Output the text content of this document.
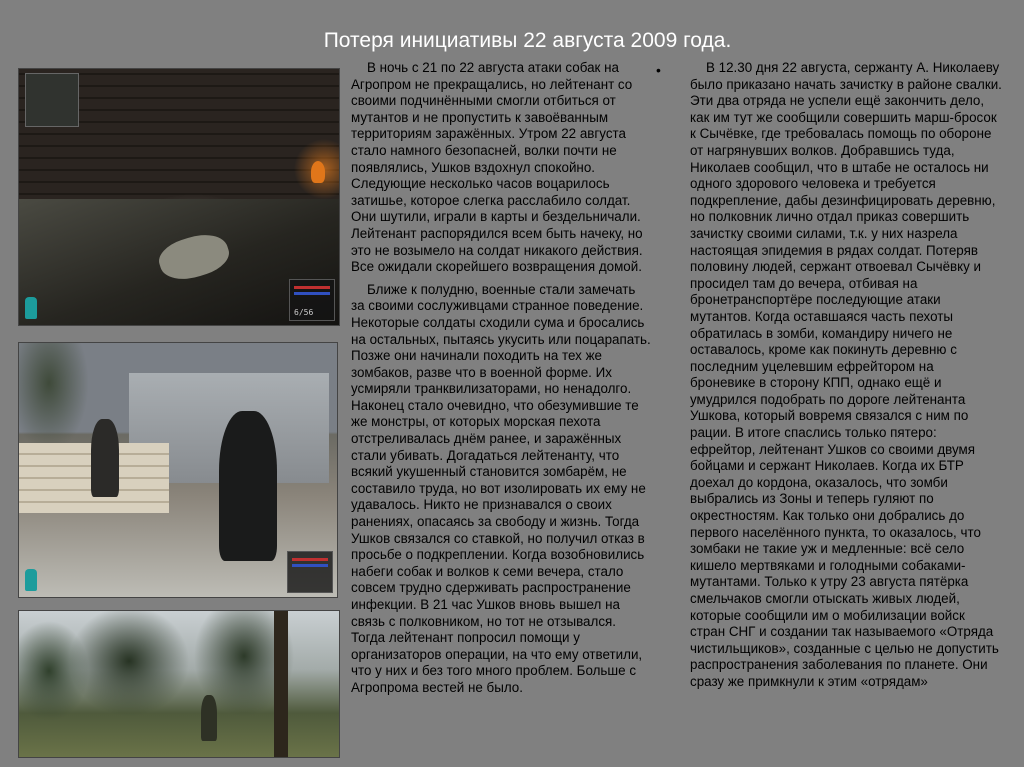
Потеря инициативы 22 августа 2009 года.
•
6/56

В ночь с 21 по 22 августа атаки собак на Агропром не прекращались, но лейтенант со своими подчинёнными смогли отбиться от мутантов и не пропустить к завоёванным территориям заражённых. Утром 22 августа стало намного безопасней, волки почти не появлялись, Ушков вздохнул спокойно. Следующие несколько часов воцарилось затишье, которое слегка расслабило солдат. Они шутили, играли в карты и бездельничали. Лейтенант распорядился всем быть начеку, но это не возымело на солдат никакого действия. Все ожидали скорейшего возвращения домой.

Ближе к полудню, военные стали замечать за своими сослуживцами странное поведение. Некоторые солдаты сходили сума и бросались на остальных, пытаясь укусить или поцарапать. Позже они начинали походить на тех же зомбаков, разве что в военной форме. Их усмиряли транквилизаторами, но ненадолго. Наконец стало очевидно, что обезумившие те же монстры, от которых морская пехота отстреливалась днём ранее, и заражённых стали убивать. Догадаться лейтенанту, что всякий укушенный становится зомбарём, не составило труда, но вот изолировать их ему не удавалось. Никто не признавался о своих ранениях, опасаясь за свободу и жизнь. Тогда Ушков связался со ставкой, но получил отказ в просьбе о подкреплении. Когда возобновились набеги собак и волков к семи вечера, стало совсем трудно сдерживать распространение инфекции. В 21 час Ушков вновь вышел на связь с полковником, но тот не отзывался. Тогда лейтенант попросил помощи у организаторов операции, на что ему ответили, что у них и без того много проблем. Больше с Агропрома вестей не было.

В 12.30 дня 22 августа, сержанту А. Николаеву было приказано начать зачистку в районе свалки. Эти два отряда не успели ещё закончить дело, как им тут же сообщили совершить марш-бросок к Сычёвке, где требовалась помощь по обороне от нагрянувших волков. Добравшись туда, Николаев сообщил, что в штабе не осталось ни одного здорового человека и требуется подкрепление, дабы дезинфицировать деревню, но полковник лично отдал приказ совершить зачистку своими силами, т.к. у них назрела настоящая эпидемия в рядах солдат. Потеряв половину людей, сержант отвоевал Сычёвку и просидел там до вечера, отбивая на бронетранспортёре последующие атаки мутантов. Когда оставшаяся часть пехоты обратилась в зомби, командиру ничего не оставалось, кроме как покинуть деревню с последним уцелевшим ефрейтором на броневике в сторону КПП, однако ещё и умудрился подобрать по дороге лейтенанта Ушкова, который вовремя связался с ним по рации. В итоге спаслись только пятеро: ефрейтор, лейтенант Ушков со своими двумя бойцами и сержант Николаев. Когда их БТР доехал до кордона, оказалось, что зомби выбрались из Зоны и теперь гуляют по окрестностям. Как только они добрались до первого населённого пункта, то оказалось, что зомбаки не такие уж и медленные: всё село кишело мертвяками и голодными собаками-мутантами. Только к утру 23 августа пятёрка смельчаков смогли отыскать живых людей, которые сообщили им о мобилизации войск стран СНГ и создании так называемого «Отряда чистильщиков», созданные с целью не допустить распространения заболевания по планете. Они сразу же примкнули к этим «отрядам»
